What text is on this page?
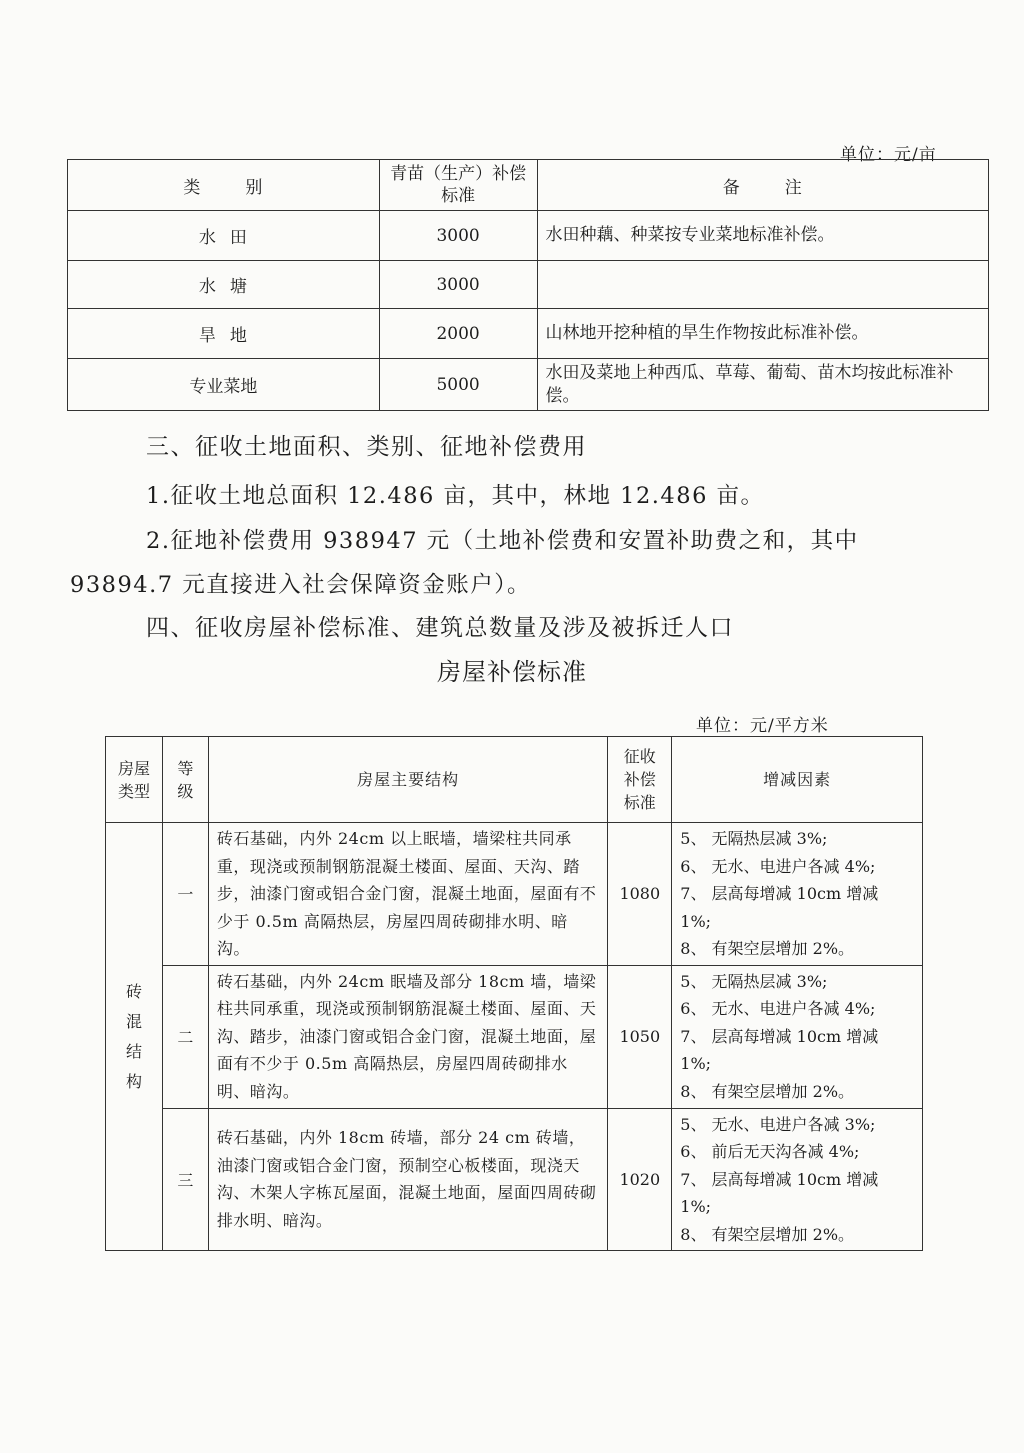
单位：元/亩
类　别	青苗（生产）补偿标准	备　注
水田	3000	水田种藕、种菜按专业菜地标准补偿。
水塘	3000	
旱地	2000	山林地开挖种植的旱生作物按此标准补偿。
专业菜地	5000	水田及菜地上种西瓜、草莓、葡萄、苗木均按此标准补偿。
三、征收土地面积、类别、征地补偿费用
1.征收土地总面积 12.486 亩，其中，林地 12.486 亩。
2.征地补偿费用 938947 元（土地补偿费和安置补助费之和，其中
93894.7 元直接进入社会保障资金账户）。
四、征收房屋补偿标准、建筑总数量及涉及被拆迁人口
房屋补偿标准
单位：元/平方米
房屋类型	等级	房屋主要结构	征收补偿标准	增减因素

砖混结构	一	砖石基础，内外 24cm 以上眠墙，墙梁柱共同承重，现浇或预制钢筋混凝土楼面、屋面、天沟、踏步，油漆门窗或铝合金门窗，混凝土地面，屋面有不少于 0.5m 高隔热层，房屋四周砖砌排水明、暗沟。	1080	5、 无隔热层减 3%;
6、 无水、电进户各减 4%;
7、 层高每增减 10cm 增减 1%;
8、 有架空层增加 2%。

	二	砖石基础，内外 24cm 眠墙及部分 18cm 墙，墙梁柱共同承重，现浇或预制钢筋混凝土楼面、屋面、天沟、踏步，油漆门窗或铝合金门窗，混凝土地面，屋面有不少于 0.5m 高隔热层，房屋四周砖砌排水明、暗沟。	1050	5、 无隔热层减 3%;
6、 无水、电进户各减 4%;
7、 层高每增减 10cm 增减 1%;
8、 有架空层增加 2%。

	三	砖石基础，内外 18cm 砖墙，部分 24 cm 砖墙，油漆门窗或铝合金门窗，预制空心板楼面，现浇天沟、木架人字栋瓦屋面，混凝土地面，屋面四周砖砌排水明、暗沟。	1020	5、 无水、电进户各减 3%;
6、 前后无天沟各减 4%;
7、 层高每增减 10cm 增减 1%;
8、 有架空层增加 2%。
